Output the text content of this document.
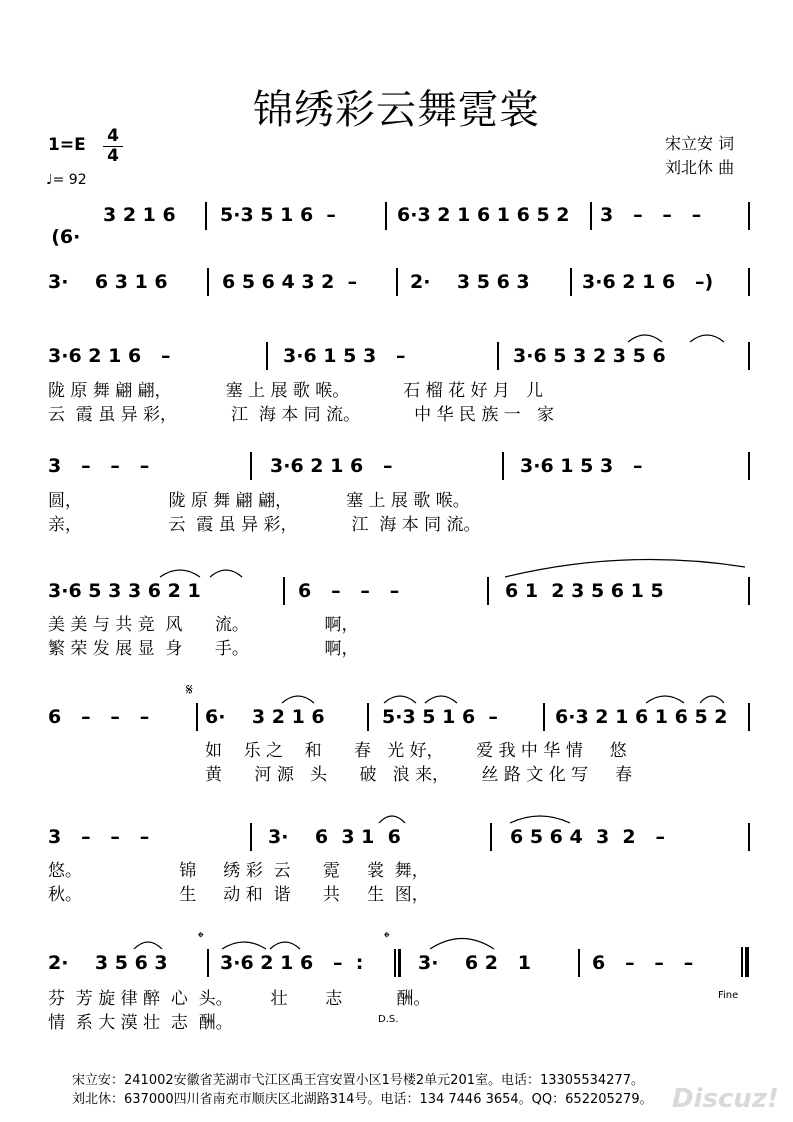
锦绣彩云舞霓裳
1=E 4
4
♩= 92
宋立安 词
刘北休 曲

(6·

3 2 1 6 5·3 5 1 6  –	6·3 2 1 6 1 6 5 2 3   –   –   –
3·    6 3 1 6	6 5 6 4 3 2  –	2·    3 5 6 3	3·6 2 1 6   –)
3·6 2 1 6   –	3·6 1 5 3   –	3·6 5 3 2 3 5 6
陇 原 舞 翩 翩，          塞 上 展 歌 喉。          石 榴 花 好 月   儿
云  霞 虽 异 彩，          江  海 本 同 流。          中 华 民 族 一   家
3   –   –   –	3·6 2 1 6   –	3·6 1 5 3   –
圆，                陇 原 舞 翩 翩，          塞 上 展 歌 喉。
亲，                云  霞 虽 异 彩，          江  海 本 同 流。
3·6 5 3 3 6 2 1	6   –   –   –	6 1  2 3 5 6 1 5
美 美 与 共 竞  风      流。              啊，
繁 荣 发 展 显  身      手。              啊，
𝄋
6   –   –   –	6·    3 2 1 6	5·3 5 1 6  –	6·3 2 1 6 1 6 5 2
如    乐 之    和      春   光 好，      爱 我 中 华 情     悠
黄      河 源   头      破   浪 来，      丝 路 文 化 写     春
3   –   –   –	3·    6  3 1  6	6 5 6 4  3  2   –
悠。                  锦     绣 彩  云      霓     裳  舞，
秋。                  生     动 和  谐      共     生  图，
𝄌	𝄌
2·    3 5 6 3	3·6 2 1 6   –  :	3·    6 2   1	6   –   –   –
芬  芳 旋 律 醉  心  头。       壮       志          酬。
情  系 大 漠 壮  志  酬。	D.S.
Fine
宋立安：241002安徽省芜湖市弋江区禹王宫安置小区1号楼2单元201室。电话：13305534277。
刘北休：637000四川省南充市顺庆区北湖路314号。电话：134 7446 3654。QQ：652205279。 Discuz!
